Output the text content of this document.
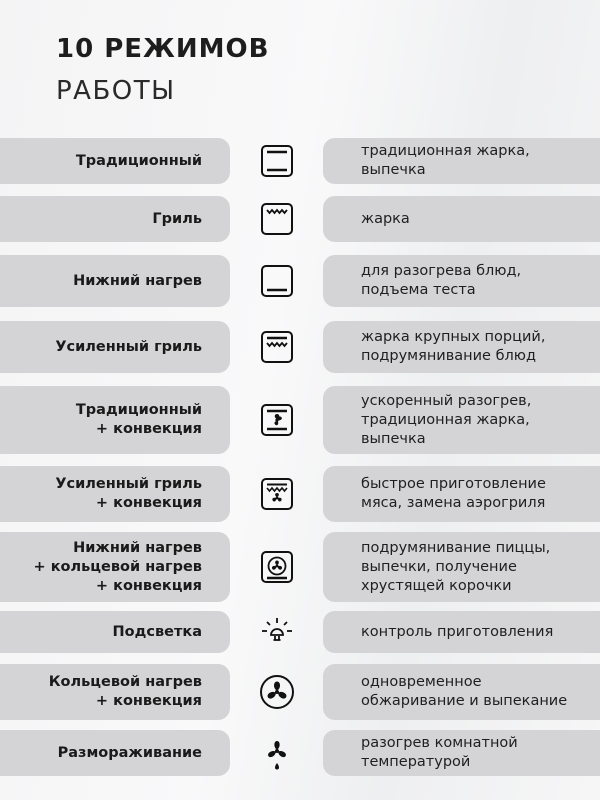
10 РЕЖИМОВ
РАБОТЫ
Традиционный
традиционная жарка,
выпечка
Гриль	жарка
Нижний нагрев
для разогрева блюд,
подъема теста
Усиленный гриль
жарка крупных порций,
подрумянивание блюд
Традиционный
+ конвекция
ускоренный разогрев,
традиционная жарка,
выпечка
Усиленный гриль
+ конвекция
быстрое приготовление
мяса, замена аэрогриля
Нижний нагрев
+ кольцевой нагрев
+ конвекция
подрумянивание пиццы,
выпечки, получение
хрустящей корочки
Подсветка	контроль приготовления
Кольцевой нагрев
+ конвекция
одновременное
обжаривание и выпекание
Размораживание
разогрев комнатной
температурой
